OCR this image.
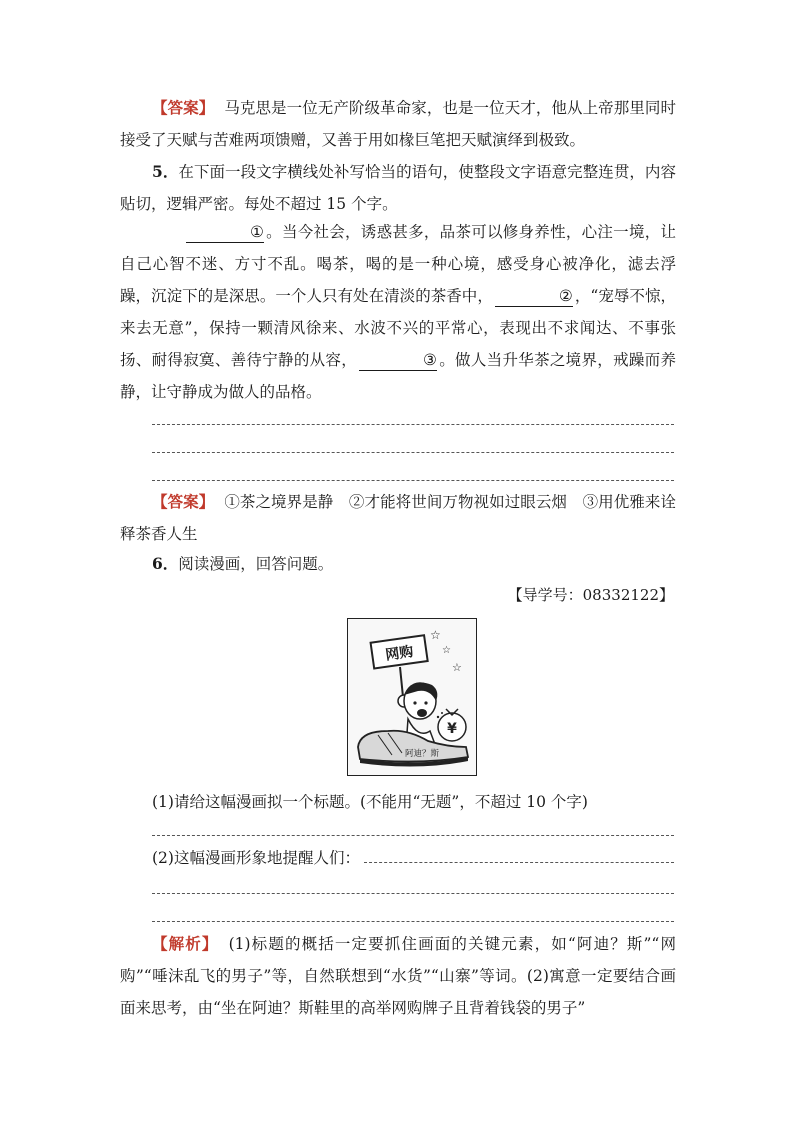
【答案】 马克思是一位无产阶级革命家，也是一位天才，他从上帝那里同时接受了天赋与苦难两项馈赠，又善于用如椽巨笔把天赋演绎到极致。
5．在下面一段文字横线处补写恰当的语句，使整段文字语意完整连贯，内容贴切，逻辑严密。每处不超过 15 个字。
① 。当今社会，诱惑甚多，品茶可以修身养性，心注一境，让自己心智不迷、方寸不乱。喝茶，喝的是一种心境，感受身心被净化，滤去浮躁，沉淀下的是深思。一个人只有处在清淡的茶香中，	② ，“宠辱不惊，来去无意”，保持一颗清风徐来、水波不兴的平常心，表现出不求闻达、不事张扬、耐得寂寞、善待宁静的从容，	③ 。做人当升华茶之境界，戒躁而养静，让守静成为做人的品格。
【答案】 ①茶之境界是静　②才能将世间万物视如过眼云烟　③用优雅来诠释茶香人生
6．阅读漫画，回答问题。
【导学号：08332122】
☆
☆
☆
网购
¥
阿迪？斯
(1)请给这幅漫画拟一个标题。(不能用“无题”，不超过 10 个字)
(2)这幅漫画形象地提醒人们：
【解析】 (1)标题的概括一定要抓住画面的关键元素，如“阿迪？斯”“网购”“唾沫乱飞的男子”等，自然联想到“水货”“山寨”等词。(2)寓意一定要结合画面来思考，由“坐在阿迪？斯鞋里的高举网购牌子且背着钱袋的男子”
